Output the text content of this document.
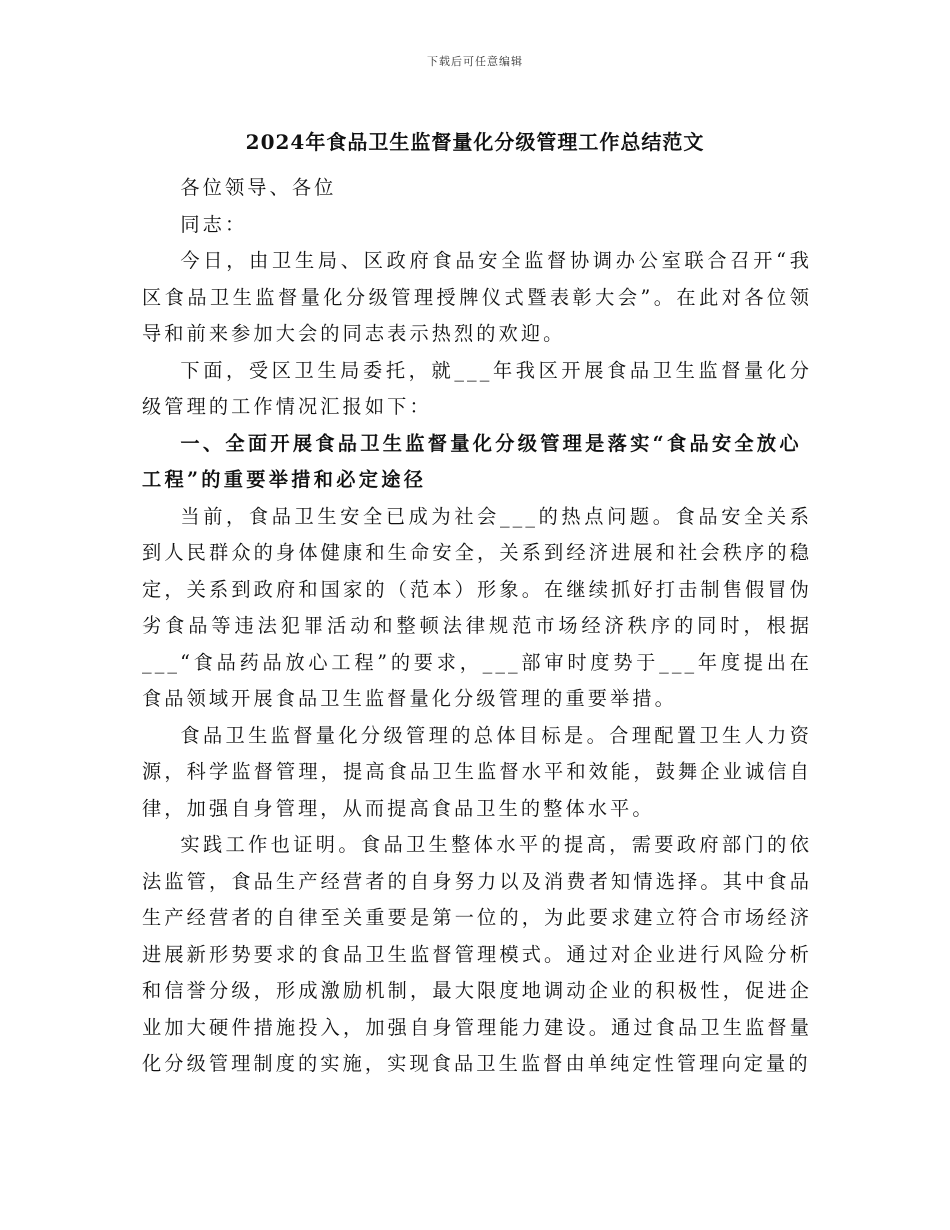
下载后可任意编辑
2024年食品卫生监督量化分级管理工作总结范文

各位领导、各位

同志：

今日，由卫生局、区政府食品安全监督协调办公室联合召开“我区食品卫生监督量化分级管理授牌仪式暨表彰大会”。在此对各位领导和前来参加大会的同志表示热烈的欢迎。

下面，受区卫生局委托，就___年我区开展食品卫生监督量化分级管理的工作情况汇报如下：

一、全面开展食品卫生监督量化分级管理是落实“食品安全放心
工程”的重要举措和必定途径

当前，食品卫生安全已成为社会___的热点问题。食品安全关系到人民群众的身体健康和生命安全，关系到经济进展和社会秩序的稳定，关系到政府和国家的（范本）形象。在继续抓好打击制售假冒伪劣食品等违法犯罪活动和整顿法律规范市场经济秩序的同时，根据___“食品药品放心工程”的要求，___部审时度势于___年度提出在食品领域开展食品卫生监督量化分级管理的重要举措。

食品卫生监督量化分级管理的总体目标是。合理配置卫生人力资源，科学监督管理，提高食品卫生监督水平和效能，鼓舞企业诚信自律，加强自身管理，从而提高食品卫生的整体水平。

实践工作也证明。食品卫生整体水平的提高，需要政府部门的依法监管，食品生产经营者的自身努力以及消费者知情选择。其中食品生产经营者的自律至关重要是第一位的，为此要求建立符合市场经济进展新形势要求的食品卫生监督管理模式。通过对企业进行风险分析和信誉分级，形成激励机制，最大限度地调动企业的积极性，促进企业加大硬件措施投入，加强自身管理能力建设。通过食品卫生监督量化分级管理制度的实施，实现食品卫生监督由单纯定性管理向定量的
